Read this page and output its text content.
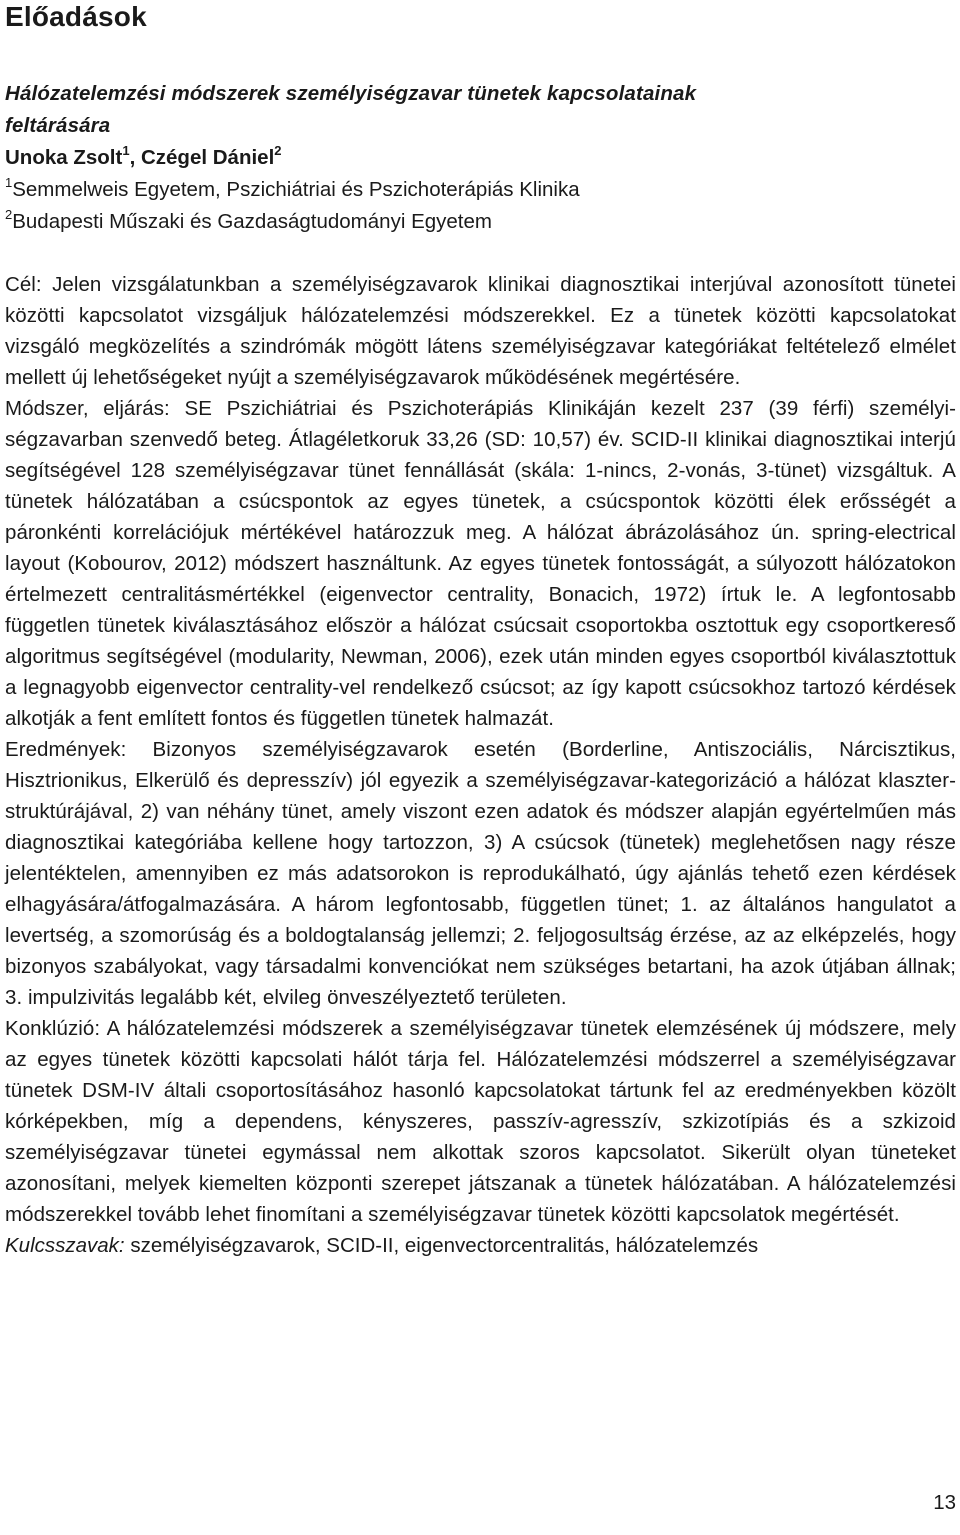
Előadások

Hálózatelemzési módszerek személyiségzavar tünetek kapcsolatainak feltárására

Unoka Zsolt$^1$, Czégel Dániel$^2$

$^1$Semmelweis Egyetem, Pszichiátriai és Pszichoterápiás Klinika

$^2$Budapesti Műszaki és Gazdaságtudományi Egyetem

Cél: Jelen vizsgálatunkban a személyiségzavarok klinikai diagnosztikai interjúval azonosított tünetei közötti kapcsolatot vizsgáljuk hálózatelemzési módszerekkel. Ez a tünetek közötti kapcsolatokat vizsgáló megközelítés a szindrómák mögött látens személyiségzavar kategóriákat feltételező elmélet mellett új lehetőségeket nyújt a személyiségzavarok működésének megértésére.

Módszer, eljárás: SE Pszichiátriai és Pszichoterápiás Klinikáján kezelt 237 (39 férfi) személyiségzavarban szenvedő beteg. Átlagéletkoruk 33,26 (SD: 10,57) év. SCID-II klinikai diagnosztikai interjú segítségével 128 személyiségzavar tünet fennállását (skála: 1-nincs, 2-vonás, 3-tünet) vizsgáltuk. A tünetek hálózatában a csúcspontok az egyes tünetek, a csúcspontok közötti élek erősségét a páronkénti korrelációjuk mértékével határozzuk meg. A hálózat ábrázolásához ún. spring-electrical layout (Kobourov, 2012) módszert használtunk. Az egyes tünetek fontosságát, a súlyozott hálózatokon értelmezett centralitásmértékkel (eigenvector centrality, Bonacich, 1972) írtuk le. A legfontosabb független tünetek kiválasztásához először a hálózat csúcsait csoportokba osztottuk egy csoportkereső algoritmus segítségével (modularity, Newman, 2006), ezek után minden egyes csoportból kiválasztottuk a legnagyobb eigenvector centrality-vel rendelkező csúcsot; az így kapott csúcsokhoz tartozó kérdések alkotják a fent említett fontos és független tünetek halmazát.

Eredmények: Bizonyos személyiségzavarok esetén (Borderline, Antiszociális, Nárcisztikus, Hisztrionikus, Elkerülő és depresszív) jól egyezik a személyiségzavar-kategorizáció a hálózat klaszter-struktúrájával, 2) van néhány tünet, amely viszont ezen adatok és módszer alapján egyértelműen más diagnosztikai kategóriába kellene hogy tartozzon, 3) A csúcsok (tünetek) meglehetősen nagy része jelentéktelen, amennyiben ez más adatsorokon is reprodukálható, úgy ajánlás tehető ezen kérdések elhagyására/átfogalmazására. A három legfontosabb, független tünet; 1. az általános hangulatot a levertség, a szomorúság és a boldogtalanság jellemzi; 2. feljogosultság érzése, az az elképzelés, hogy bizonyos szabályokat, vagy társadalmi konvenciókat nem szükséges betartani, ha azok útjában állnak; 3. impulzivitás legalább két, elvileg önveszélyeztető területen.

Konklúzió: A hálózatelemzési módszerek a személyiségzavar tünetek elemzésének új módszere, mely az egyes tünetek közötti kapcsolati hálót tárja fel. Hálózatelemzési módszerrel a személyiségzavar tünetek DSM-IV általi csoportosításához hasonló kapcsolatokat tártunk fel az eredményekben közölt kórképekben, míg a dependens, kényszeres, passzív-agresszív, szkizotípiás és a szkizoid személyiségzavar tünetei egymással nem alkottak szoros kapcsolatot. Sikerült olyan tüneteket azonosítani, melyek kiemelten központi szerepet játszanak a tünetek hálózatában. A hálózatelemzési módszerekkel tovább lehet finomítani a személyiségzavar tünetek közötti kapcsolatok megértését.

Kulcsszavak: személyiségzavarok, SCID-II, eigenvectorcentralitás, hálózatelemzés

13
